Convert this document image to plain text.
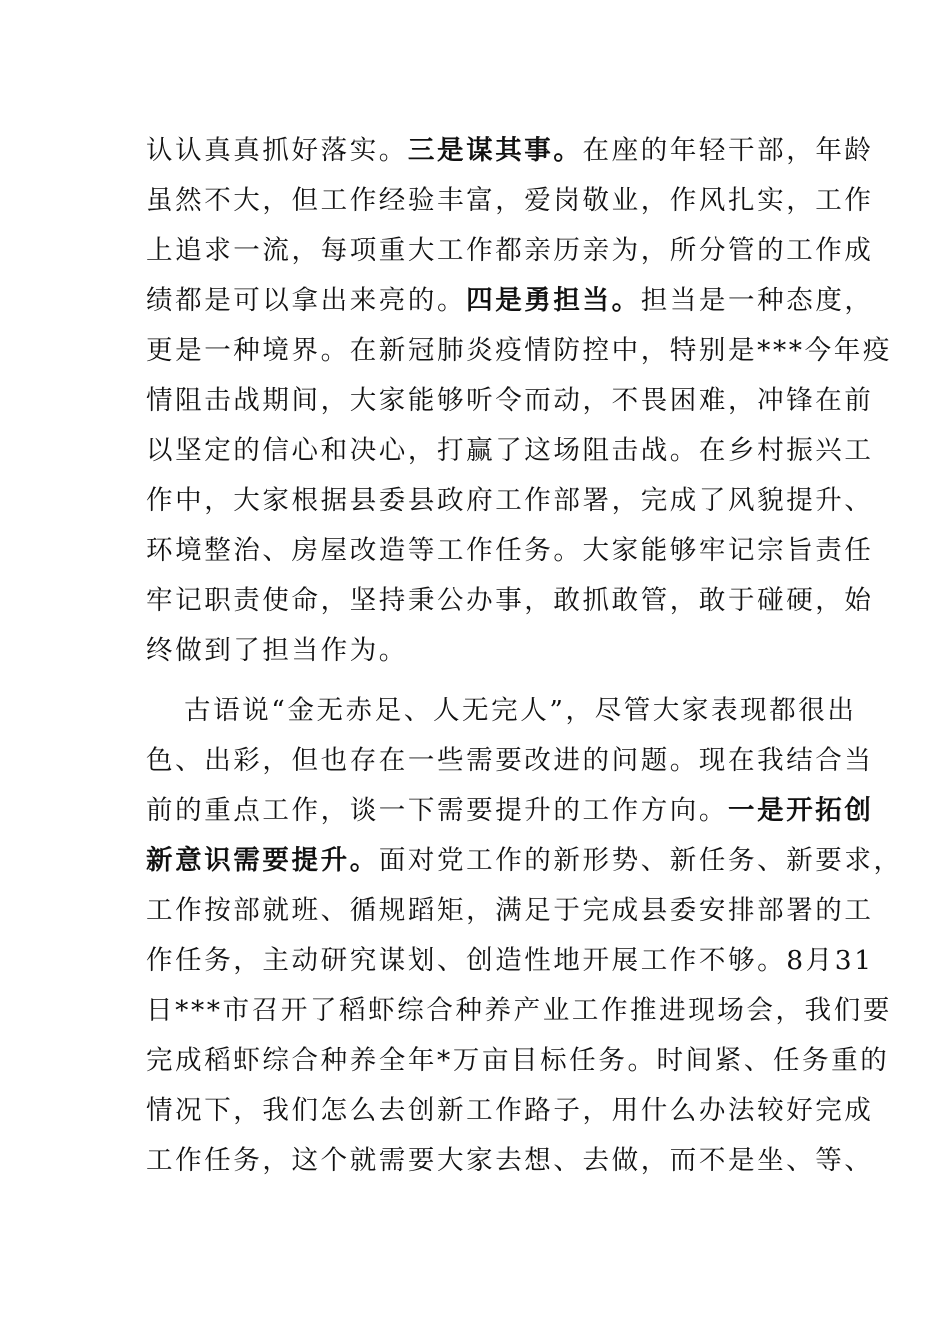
认认真真抓好落实。三是谋其事。在座的年轻干部，年龄
虽然不大，但工作经验丰富，爱岗敬业，作风扎实，工作
上追求一流，每项重大工作都亲历亲为，所分管的工作成
绩都是可以拿出来亮的。四是勇担当。担当是一种态度，
更是一种境界。在新冠肺炎疫情防控中，特别是***今年疫
情阻击战期间，大家能够听令而动，不畏困难，冲锋在前
以坚定的信心和决心，打赢了这场阻击战。在乡村振兴工
作中，大家根据县委县政府工作部署，完成了风貌提升、
环境整治、房屋改造等工作任务。大家能够牢记宗旨责任
牢记职责使命，坚持秉公办事，敢抓敢管，敢于碰硬，始
终做到了担当作为。
古语说“金无赤足、人无完人”，尽管大家表现都很出
色、出彩，但也存在一些需要改进的问题。现在我结合当
前的重点工作，谈一下需要提升的工作方向。一是开拓创
新意识需要提升。面对党工作的新形势、新任务、新要求，
工作按部就班、循规蹈矩，满足于完成县委安排部署的工
作任务，主动研究谋划、创造性地开展工作不够。8月31
日***市召开了稻虾综合种养产业工作推进现场会，我们要
完成稻虾综合种养全年*万亩目标任务。时间紧、任务重的
情况下，我们怎么去创新工作路子，用什么办法较好完成
工作任务，这个就需要大家去想、去做，而不是坐、等、
